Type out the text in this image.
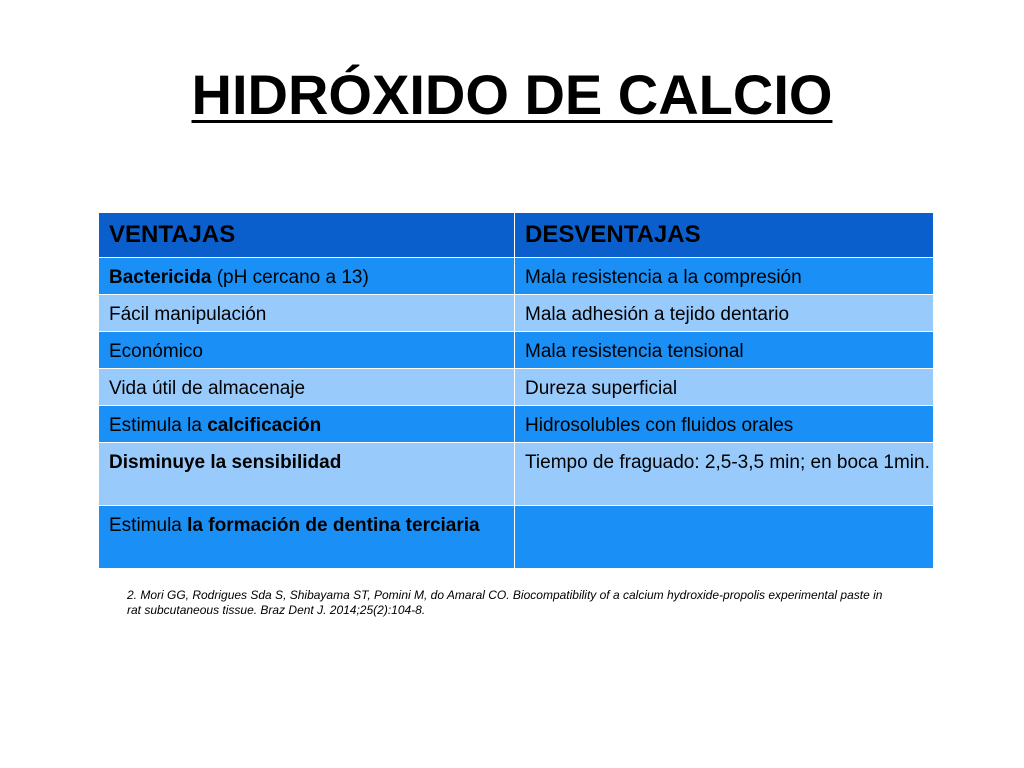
HIDRÓXIDO DE CALCIO
VENTAJAS	DESVENTAJAS

Bactericida (pH cercano a 13)	Mala resistencia a la compresión

Fácil manipulación	Mala adhesión a tejido dentario

Económico	Mala resistencia tensional

Vida útil de almacenaje	Dureza superficial

Estimula la calcificación	Hidrosolubles con fluidos orales

Disminuye la sensibilidad	Tiempo de fraguado: 2,5-3,5 min; en boca 1min.

Estimula la formación de dentina terciaria	

2. Mori GG, Rodrigues Sda S, Shibayama ST, Pomini M, do Amaral CO. Biocompatibility of a calcium hydroxide-propolis experimental paste in rat subcutaneous tissue. Braz Dent J. 2014;25(2):104-8.
